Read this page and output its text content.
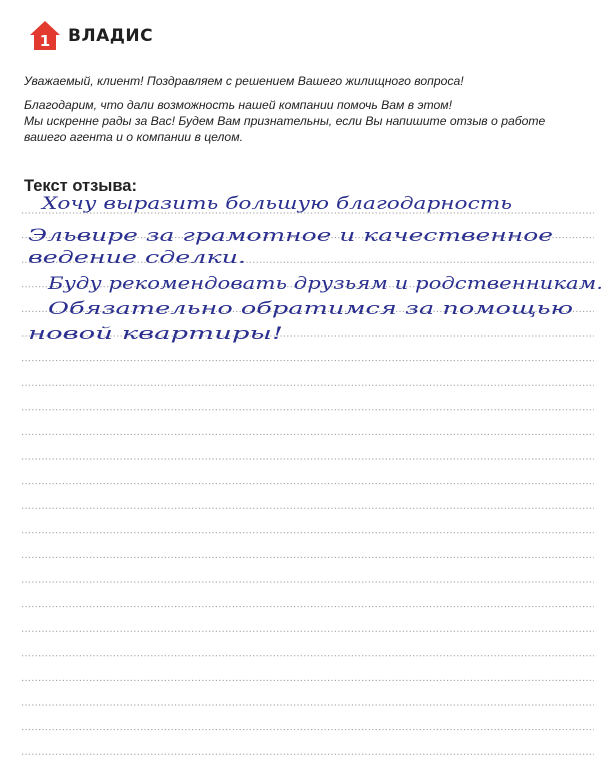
1 ВЛАДИС

Уважаемый, клиент! Поздравляем с решением Вашего жилищного вопроса!

Благодарим, что дали возможность нашей компании помочь Вам в этом!

Мы искренне рады за Вас! Будем Вам признательны, если Вы напишите отзыв о работе

вашего агента и о компании в целом.

Текст отзыва:
Хочу выразить большую благодарность
Эльвире за грамотное и качественное
ведение сделки.
Буду рекомендовать друзьям и родственникам.
Обязательно обратимся за помощью
новой квартиры!
